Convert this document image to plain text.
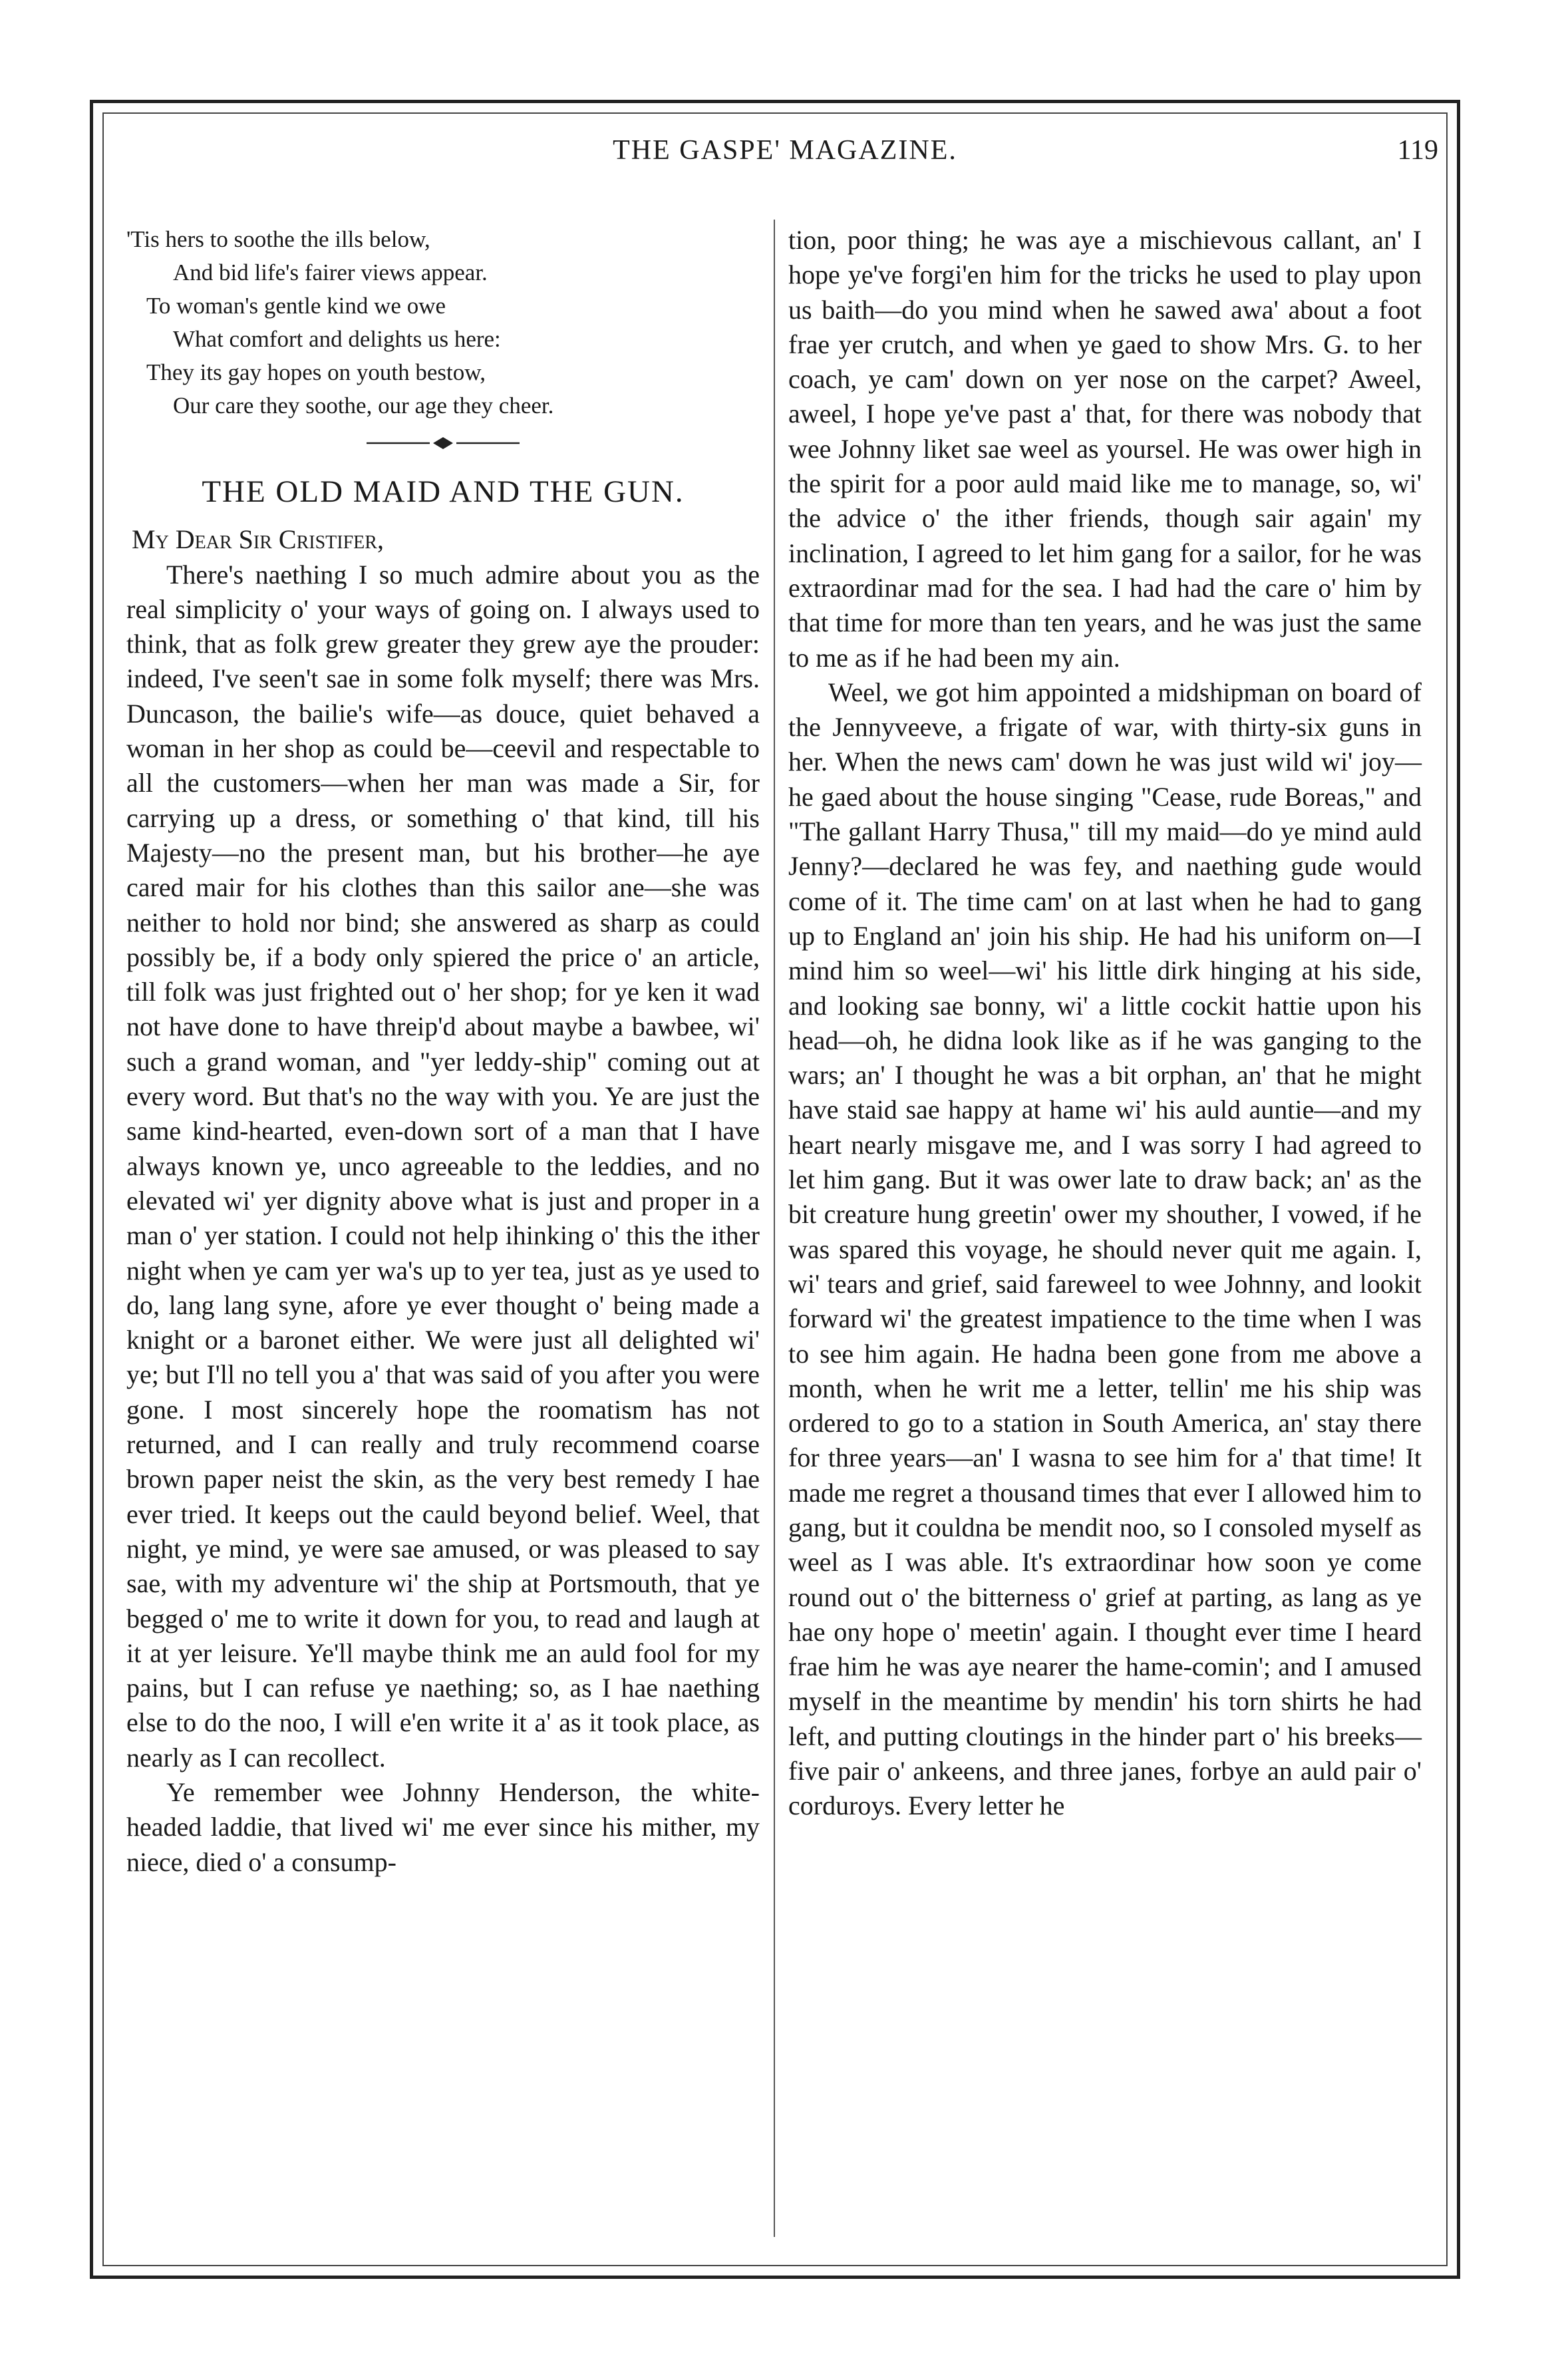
THE GASPE' MAGAZINE.	119
'Tis hers to soothe the ills below,
And bid life's fairer views appear.
To woman's gentle kind we owe
What comfort and delights us here:
They its gay hopes on youth bestow,
Our care they soothe, our age they cheer.
THE OLD MAID AND THE GUN.

My Dear Sir Cristifer,

There's naething I so much admire about you as the real simplicity o' your ways of going on. I always used to think, that as folk grew greater they grew aye the prouder: indeed, I've seen't sae in some folk myself; there was Mrs. Duncason, the bailie's wife—as douce, quiet behaved a woman in her shop as could be—ceevil and respectable to all the customers—when her man was made a Sir, for carrying up a dress, or something o' that kind, till his Majesty—no the present man, but his brother—he aye cared mair for his clothes than this sailor ane—she was neither to hold nor bind; she answered as sharp as could possibly be, if a body only spiered the price o' an article, till folk was just frighted out o' her shop; for ye ken it wad not have done to have threip'd about maybe a bawbee, wi' such a grand woman, and "yer leddy-ship" coming out at every word. But that's no the way with you. Ye are just the same kind-hearted, even-down sort of a man that I have always known ye, unco agreeable to the leddies, and no elevated wi' yer dignity above what is just and proper in a man o' yer station. I could not help ihinking o' this the ither night when ye cam yer wa's up to yer tea, just as ye used to do, lang lang syne, afore ye ever thought o' being made a knight or a baronet either. We were just all delighted wi' ye; but I'll no tell you a' that was said of you after you were gone. I most sincerely hope the roomatism has not returned, and I can really and truly recommend coarse brown paper neist the skin, as the very best remedy I hae ever tried. It keeps out the cauld beyond belief. Weel, that night, ye mind, ye were sae amused, or was pleased to say sae, with my adventure wi' the ship at Portsmouth, that ye begged o' me to write it down for you, to read and laugh at it at yer leisure. Ye'll maybe think me an auld fool for my pains, but I can refuse ye naething; so, as I hae naething else to do the noo, I will e'en write it a' as it took place, as nearly as I can recollect.

Ye remember wee Johnny Henderson, the white-headed laddie, that lived wi' me ever since his mither, my niece, died o' a consump-

tion, poor thing; he was aye a mischievous callant, an' I hope ye've forgi'en him for the tricks he used to play upon us baith—do you mind when he sawed awa' about a foot frae yer crutch, and when ye gaed to show Mrs. G. to her coach, ye cam' down on yer nose on the carpet? Aweel, aweel, I hope ye've past a' that, for there was nobody that wee Johnny liket sae weel as yoursel. He was ower high in the spirit for a poor auld maid like me to manage, so, wi' the advice o' the ither friends, though sair again' my inclination, I agreed to let him gang for a sailor, for he was extraordinar mad for the sea. I had had the care o' him by that time for more than ten years, and he was just the same to me as if he had been my ain.

Weel, we got him appointed a midshipman on board of the Jennyveeve, a frigate of war, with thirty-six guns in her. When the news cam' down he was just wild wi' joy—he gaed about the house singing "Cease, rude Boreas," and "The gallant Harry Thusa," till my maid—do ye mind auld Jenny?—declared he was fey, and naething gude would come of it. The time cam' on at last when he had to gang up to England an' join his ship. He had his uniform on—I mind him so weel—wi' his little dirk hinging at his side, and looking sae bonny, wi' a little cockit hattie upon his head—oh, he didna look like as if he was ganging to the wars; an' I thought he was a bit orphan, an' that he might have staid sae happy at hame wi' his auld auntie—and my heart nearly misgave me, and I was sorry I had agreed to let him gang. But it was ower late to draw back; an' as the bit creature hung greetin' ower my shouther, I vowed, if he was spared this voyage, he should never quit me again. I, wi' tears and grief, said fareweel to wee Johnny, and lookit forward wi' the greatest impatience to the time when I was to see him again. He hadna been gone from me above a month, when he writ me a letter, tellin' me his ship was ordered to go to a station in South America, an' stay there for three years—an' I wasna to see him for a' that time! It made me regret a thousand times that ever I allowed him to gang, but it couldna be mendit noo, so I consoled myself as weel as I was able. It's extraordinar how soon ye come round out o' the bitterness o' grief at parting, as lang as ye hae ony hope o' meetin' again. I thought ever time I heard frae him he was aye nearer the hame-comin'; and I amused myself in the meantime by mendin' his torn shirts he had left, and putting cloutings in the hinder part o' his breeks—five pair o' ankeens, and three janes, forbye an auld pair o' corduroys. Every letter he
